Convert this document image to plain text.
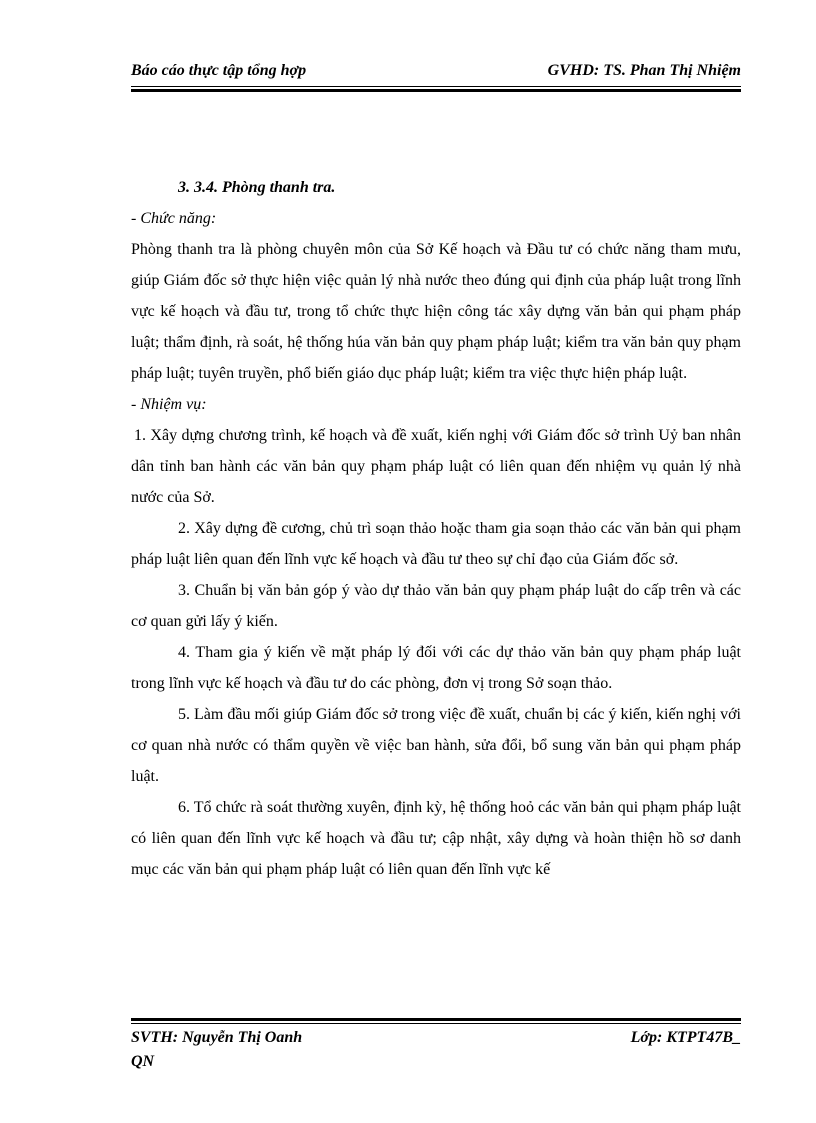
Báo cáo thực tập tổng hợp	GVHD: TS. Phan Thị Nhiệm

3. 3.4. Phòng thanh tra.

- Chức năng:

Phòng thanh tra là phòng chuyên môn của Sở Kế hoạch và Đầu tư có chức năng tham mưu, giúp Giám đốc sở thực hiện việc quản lý nhà nước theo đúng qui định của pháp luật trong lĩnh vực kế hoạch và đầu tư, trong tổ chức thực hiện công tác xây dựng văn bản qui phạm pháp luật; thẩm định, rà soát, hệ thống húa văn bản quy phạm pháp luật; kiểm tra văn bản quy phạm pháp luật; tuyên truyền, phổ biến giáo dục pháp luật; kiểm tra việc thực hiện pháp luật.

- Nhiệm vụ:

1. Xây dựng chương trình, kế hoạch và đề xuất, kiến nghị với Giám đốc sở trình Uỷ ban nhân dân tỉnh ban hành các văn bản quy phạm pháp luật có liên quan đến nhiệm vụ quản lý nhà nước của Sở.

2. Xây dựng đề cương, chủ trì soạn thảo hoặc tham gia soạn thảo các văn bản qui phạm pháp luật liên quan đến lĩnh vực kế hoạch và đầu tư theo sự chỉ đạo của Giám đốc sở.

3. Chuẩn bị văn bản góp ý vào dự thảo văn bản quy phạm pháp luật do cấp trên và các cơ quan gửi lấy ý kiến.

4. Tham gia ý kiến về mặt pháp lý đối với các dự thảo văn bản quy phạm pháp luật trong lĩnh vực kế hoạch và đầu tư do các phòng, đơn vị trong Sở soạn thảo.

5. Làm đầu mối giúp Giám đốc sở trong việc đề xuất, chuẩn bị các ý kiến, kiến nghị với cơ quan nhà nước có thẩm quyền về việc ban hành, sửa đổi, bổ sung văn bản qui phạm pháp luật.

6. Tổ chức rà soát thường xuyên, định kỳ, hệ thống hoỏ các văn bản qui phạm pháp luật có liên quan đến lĩnh vực kế hoạch và đầu tư; cập nhật, xây dựng và hoàn thiện hồ sơ danh mục các văn bản qui phạm pháp luật có liên quan đến lĩnh vực kế

SVTH: Nguyễn Thị Oanh	Lớp: KTPT47B_
QN
